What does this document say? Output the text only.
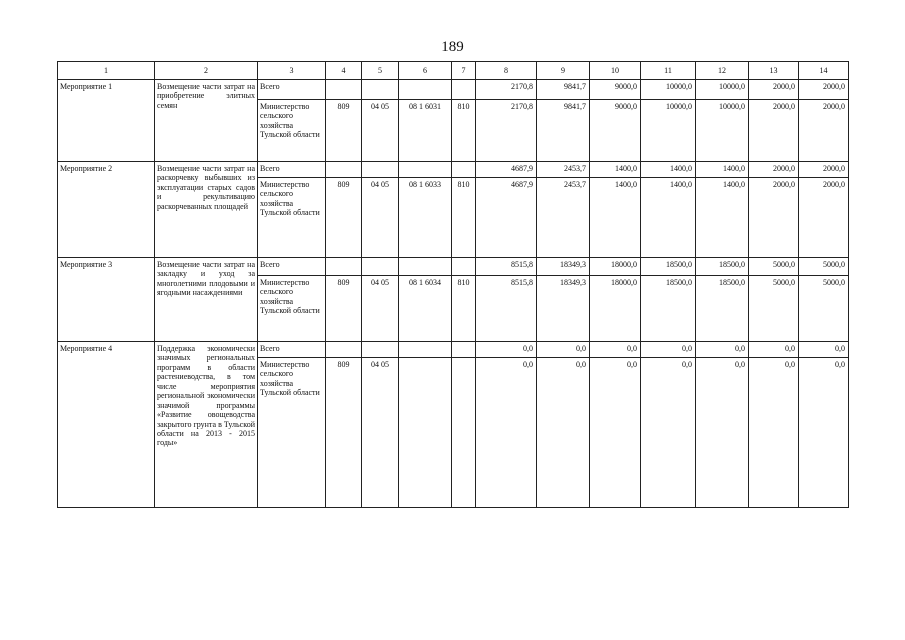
189
1	2	3	4	5	6	7	8	9	10	11	12	13	14
Мероприятие 1	Возмещение части затрат на приобретение элитных семян	Всего					2170,8	9841,7	9000,0	10000,0	10000,0	2000,0	2000,0
		Министерство сельского хозяйства Тульской области	809	04 05	08 1 6031	810	2170,8	9841,7	9000,0	10000,0	10000,0	2000,0	2000,0
Мероприятие 2	Возмещение части затрат на раскорчевку выбывших из эксплуатации старых садов и рекультивацию раскорчеванных площадей	Всего					4687,9	2453,7	1400,0	1400,0	1400,0	2000,0	2000,0
		Министерство сельского хозяйства Тульской области	809	04 05	08 1 6033	810	4687,9	2453,7	1400,0	1400,0	1400,0	2000,0	2000,0
Мероприятие 3	Возмещение части затрат на закладку и уход за многолетними плодовыми и ягодными насаждениями	Всего					8515,8	18349,3	18000,0	18500,0	18500,0	5000,0	5000,0
		Министерство сельского хозяйства Тульской области	809	04 05	08 1 6034	810	8515,8	18349,3	18000,0	18500,0	18500,0	5000,0	5000,0
Мероприятие 4	Поддержка экономически значимых региональных программ в области растениеводства, в том числе мероприятия региональной экономически значимой программы «Развитие овощеводства закрытого грунта в Тульской области на 2013 - 2015 годы»	Всего					0,0	0,0	0,0	0,0	0,0	0,0	0,0
		Министерство сельского хозяйства Тульской области	809	04 05			0,0	0,0	0,0	0,0	0,0	0,0	0,0
